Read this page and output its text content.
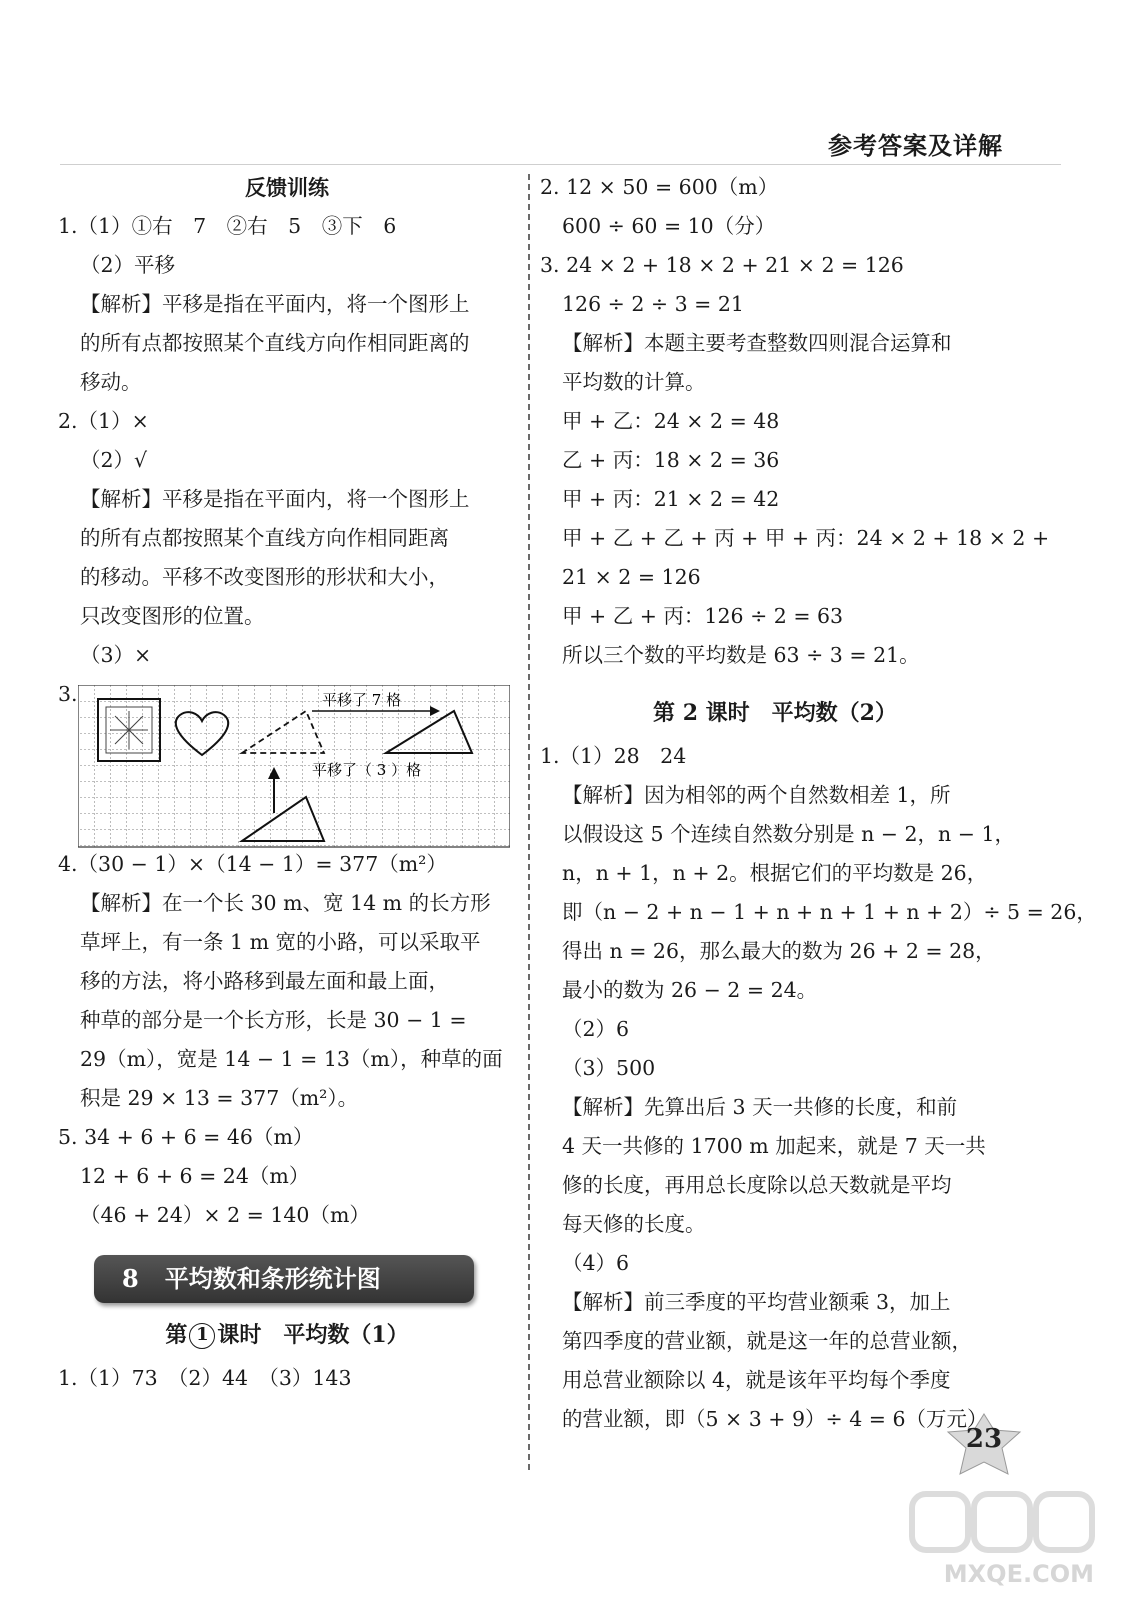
参考答案及详解
反馈训练
1.（1）①右　7　②右　5　③下　6
（2）平移
【解析】平移是指在平面内，将一个图形上
的所有点都按照某个直线方向作相同距离的
移动。
2.（1）×
（2）√
【解析】平移是指在平面内，将一个图形上
的所有点都按照某个直线方向作相同距离
的移动。平移不改变图形的形状和大小，
只改变图形的位置。
（3）×
3.	平移了 7 格
平移了（ 3 ）格
4.（30 − 1）×（14 − 1）= 377（m²）
【解析】在一个长 30 m、宽 14 m 的长方形
草坪上，有一条 1 m 宽的小路，可以采取平
移的方法，将小路移到最左面和最上面，
种草的部分是一个长方形，长是 30 − 1 =
29（m），宽是 14 − 1 = 13（m），种草的面
积是 29 × 13 = 377（m²）。
5. 34 + 6 + 6 = 46（m）
12 + 6 + 6 = 24（m）
（46 + 24）× 2 = 140（m）
8 平均数和条形统计图
第 1 课时　平均数（1）
1.（1）73　（2）44　（3）143
2. 12 × 50 = 600（m）
600 ÷ 60 = 10（分）
3. 24 × 2 + 18 × 2 + 21 × 2 = 126
126 ÷ 2 ÷ 3 = 21
【解析】本题主要考查整数四则混合运算和
平均数的计算。
甲 + 乙：24 × 2 = 48
乙 + 丙：18 × 2 = 36
甲 + 丙：21 × 2 = 42
甲 + 乙 + 乙 + 丙 + 甲 + 丙：24 × 2 + 18 × 2 +
21 × 2 = 126
甲 + 乙 + 丙：126 ÷ 2 = 63
所以三个数的平均数是 63 ÷ 3 = 21。
第 2 课时　平均数（2）
1.（1）28　24
【解析】因为相邻的两个自然数相差 1，所
以假设这 5 个连续自然数分别是 n − 2，n − 1，
n，n + 1，n + 2。根据它们的平均数是 26，
即（n − 2 + n − 1 + n + n + 1 + n + 2）÷ 5 = 26，
得出 n = 26，那么最大的数为 26 + 2 = 28，
最小的数为 26 − 2 = 24。
（2）6
（3）500
【解析】先算出后 3 天一共修的长度，和前
4 天一共修的 1700 m 加起来，就是 7 天一共
修的长度，再用总长度除以总天数就是平均
每天修的长度。
（4）6
【解析】前三季度的平均营业额乘 3，加上
第四季度的营业额，就是这一年的总营业额，
用总营业额除以 4，就是该年平均每个季度
的营业额，即（5 × 3 + 9）÷ 4 = 6（万元）。
23
MXQE.COM
